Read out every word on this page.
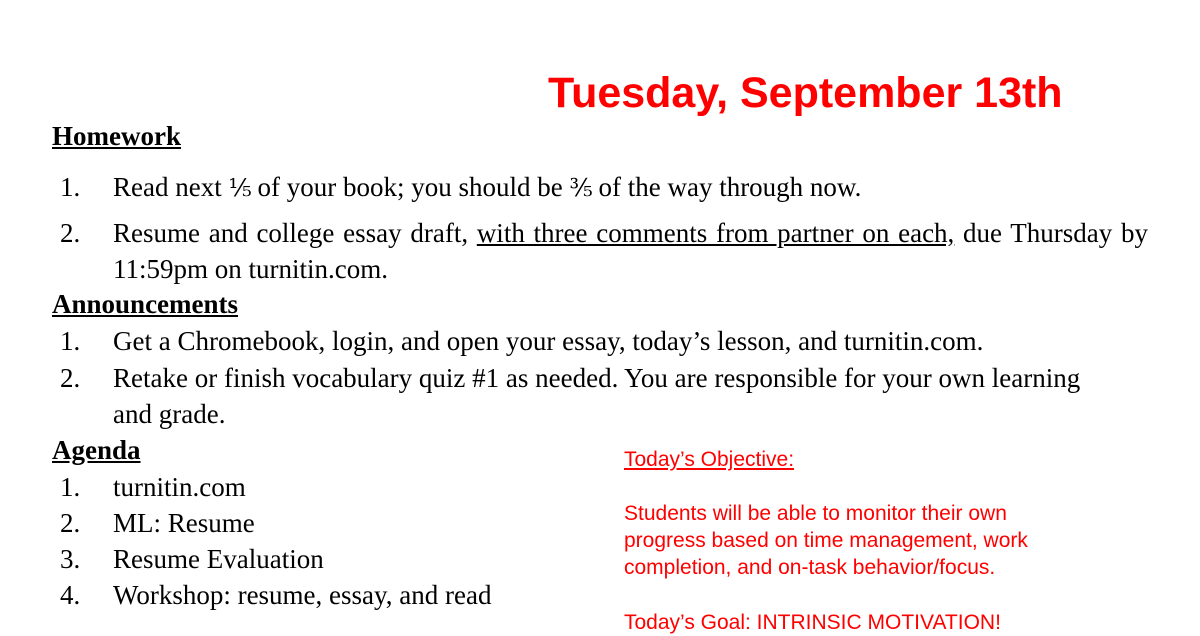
Tuesday, September 13th
Homework
1. Read next ⅕ of your book; you should be ⅗ of the way through now.
2. Resume and college essay draft, with three comments from partner on each, due Thursday by 11:59pm on turnitin.com.
Announcements
1. Get a Chromebook, login, and open your essay, today’s lesson, and turnitin.com.
2. Retake or finish vocabulary quiz #1 as needed. You are responsible for your own learning and grade.
Agenda
1. turnitin.com
2. ML: Resume
3. Resume Evaluation
4. Workshop: resume, essay, and read
Today’s Objective:
Students will be able to monitor their own progress based on time management, work completion, and on-task behavior/focus.
Today’s Goal: INTRINSIC MOTIVATION!
